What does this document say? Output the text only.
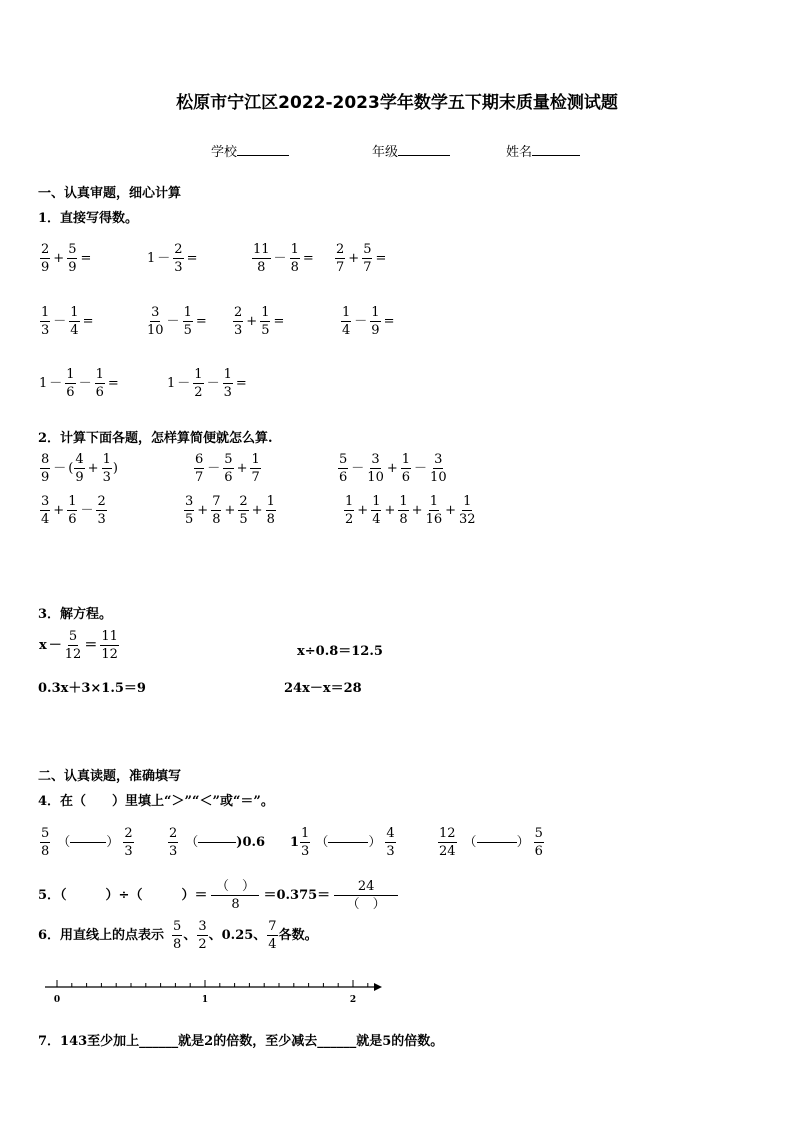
松原市宁江区2022-2023学年数学五下期末质量检测试题
学校	年级	姓名
一、认真审题，细心计算
1．直接写得数。
$\frac{2}{9} + \frac{5}{9}$ =	$1 - \frac{2}{3}$ =	$\frac{11}{8} - \frac{1}{8} = \frac{2}{7} + \frac{5}{7}$ =
$\frac{1}{3} - \frac{1}{4}$ =	$\frac{3}{10} - \frac{1}{5} = \frac{2}{3} + \frac{1}{5}$ =	$\frac{1}{4} - \frac{1}{9}$ =
$1 - \frac{1}{6} - \frac{1}{6}$ =	$1 - \frac{1}{2} - \frac{1}{3}$ =
2．计算下面各题，怎样算简便就怎么算.
$\frac{8}{9}$ － ( $\frac{4}{9} + \frac{1}{3}$ )	$\frac{6}{7} - \frac{5}{6} + \frac{1}{7}$	$\frac{5}{6} - \frac{3}{10} + \frac{1}{6} - \frac{3}{10}$
$\frac{3}{4} + \frac{1}{6} - \frac{2}{3}$	$\frac{3}{5} + \frac{7}{8} + \frac{2}{5} + \frac{1}{8}$	$\frac{1}{2} + \frac{1}{4} + \frac{1}{8} + \frac{1}{16} + \frac{1}{32}$
3．解方程。
$x - \frac{5}{12} = \frac{11}{12}$	x÷0.8＝12.5
0.3x＋3×1.5＝9	24x－x＝28
二、认真读题，准确填写
4．在（　　）里填上“＞”“＜”或“＝”。
$\frac{5}{8}$ （	） $\frac{2}{3}$	$\frac{2}{3}$ （	)0.6 $1 \frac{1}{3}$ （	） $\frac{4}{3}$	$\frac{12}{24}$ （	） $\frac{5}{6}$
5．（　　　）÷（　　　）＝ $\frac{( )}{8} =0.375= \frac{24}{( )}$
6．用直线上的点表示 $\frac{5}{8}$ 、 $\frac{3}{2}$ 、0.25、 $\frac{7}{4}$ 各数。
0	1	2
7．143至少加上______就是2的倍数，至少减去______就是5的倍数。
